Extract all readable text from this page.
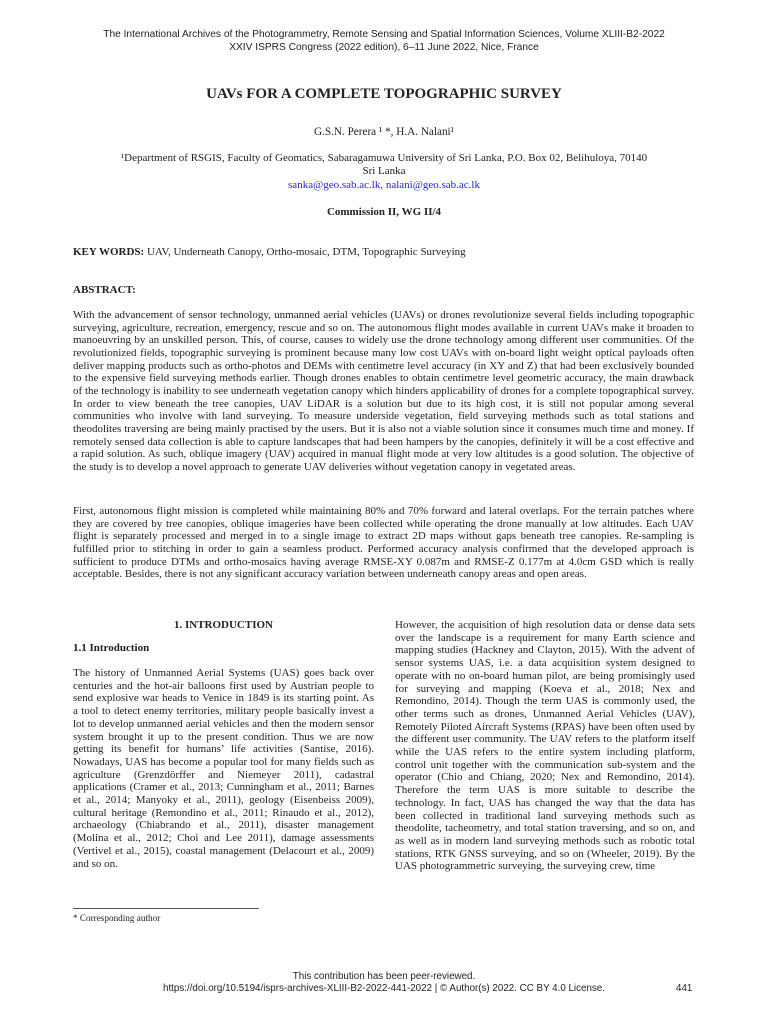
The International Archives of the Photogrammetry, Remote Sensing and Spatial Information Sciences, Volume XLIII-B2-2022
XXIV ISPRS Congress (2022 edition), 6–11 June 2022, Nice, France
UAVs FOR A COMPLETE TOPOGRAPHIC SURVEY
G.S.N. Perera ¹ *, H.A. Nalani¹
¹Department of RSGIS, Faculty of Geomatics, Sabaragamuwa University of Sri Lanka, P.O. Box 02, Belihuloya, 70140
Sri Lanka
sanka@geo.sab.ac.lk, nalani@geo.sab.ac.lk
Commission II, WG II/4
KEY WORDS: UAV, Underneath Canopy, Ortho-mosaic, DTM, Topographic Surveying
ABSTRACT:

With the advancement of sensor technology, unmanned aerial vehicles (UAVs) or drones revolutionize several fields including topographic surveying, agriculture, recreation, emergency, rescue and so on. The autonomous flight modes available in current UAVs make it broaden to manoeuvring by an unskilled person. This, of course, causes to widely use the drone technology among different user communities. Of the revolutionized fields, topographic surveying is prominent because many low cost UAVs with on-board light weight optical payloads often deliver mapping products such as ortho-photos and DEMs with centimetre level accuracy (in XY and Z) that had been exclusively bounded to the expensive field surveying methods earlier. Though drones enables to obtain centimetre level geometric accuracy, the main drawback of the technology is inability to see underneath vegetation canopy which hinders applicability of drones for a complete topographical survey. In order to view beneath the tree canopies, UAV LiDAR is a solution but due to its high cost, it is still not popular among several communities who involve with land surveying. To measure underside vegetation, field surveying methods such as total stations and theodolites traversing are being mainly practised by the users. But it is also not a viable solution since it consumes much time and money. If remotely sensed data collection is able to capture landscapes that had been hampers by the canopies, definitely it will be a cost effective and a rapid solution. As such, oblique imagery (UAV) acquired in manual flight mode at very low altitudes is a good solution. The objective of the study is to develop a novel approach to generate UAV deliveries without vegetation canopy in vegetated areas.

First, autonomous flight mission is completed while maintaining 80% and 70% forward and lateral overlaps. For the terrain patches where they are covered by tree canopies, oblique imageries have been collected while operating the drone manually at low altitudes. Each UAV flight is separately processed and merged in to a single image to extract 2D maps without gaps beneath tree canopies. Re-sampling is fulfilled prior to stitching in order to gain a seamless product. Performed accuracy analysis confirmed that the developed approach is sufficient to produce DTMs and ortho-mosaics having average RMSE-XY 0.087m and RMSE-Z 0.177m at 4.0cm GSD which is really acceptable. Besides, there is not any significant accuracy variation between underneath canopy areas and open areas.

1. INTRODUCTION
1.1 Introduction

The history of Unmanned Aerial Systems (UAS) goes back over centuries and the hot-air balloons first used by Austrian people to send explosive war heads to Venice in 1849 is its starting point. As a tool to detect enemy territories, military people basically invest a lot to develop unmanned aerial vehicles and then the modern sensor system brought it up to the present condition. Thus we are now getting its benefit for humans’ life activities (Santise, 2016). Nowadays, UAS has become a popular tool for many fields such as agriculture (Grenzdörffer and Niemeyer 2011), cadastral applications (Cramer et al., 2013; Cunningham et al., 2011; Barnes et al., 2014; Manyoky et al., 2011), geology (Eisenbeiss 2009), cultural heritage (Remondino et al., 2011; Rinaudo et al., 2012), archaeology (Chiabrando et al., 2011), disaster management (Molina et al., 2012; Choi and Lee 2011), damage assessments (Vertivel et al., 2015), coastal management (Delacourt et al., 2009) and so on.

However, the acquisition of high resolution data or dense data sets over the landscape is a requirement for many Earth science and mapping studies (Hackney and Clayton, 2015). With the advent of sensor systems UAS, i.e. a data acquisition system designed to operate with no on-board human pilot, are being promisingly used for surveying and mapping (Koeva et al., 2018; Nex and Remondino, 2014). Though the term UAS is commonly used, the other terms such as drones, Unmanned Aerial Vehicles (UAV), Remotely Piloted Aircraft Systems (RPAS) have been often used by the different user community. The UAV refers to the platform itself while the UAS refers to the entire system including platform, control unit together with the communication sub-system and the operator (Chio and Chiang, 2020; Nex and Remondino, 2014). Therefore the term UAS is more suitable to describe the technology. In fact, UAS has changed the way that the data has been collected in traditional land surveying methods such as theodolite, tacheometry, and total station traversing, and so on, and as well as in modern land surveying methods such as robotic total stations, RTK GNSS surveying, and so on (Wheeler, 2019). By the UAS photogrammetric surveying, the surveying crew, time

* Corresponding author
This contribution has been peer-reviewed.
https://doi.org/10.5194/isprs-archives-XLIII-B2-2022-441-2022 | © Author(s) 2022. CC BY 4.0 License.	441
